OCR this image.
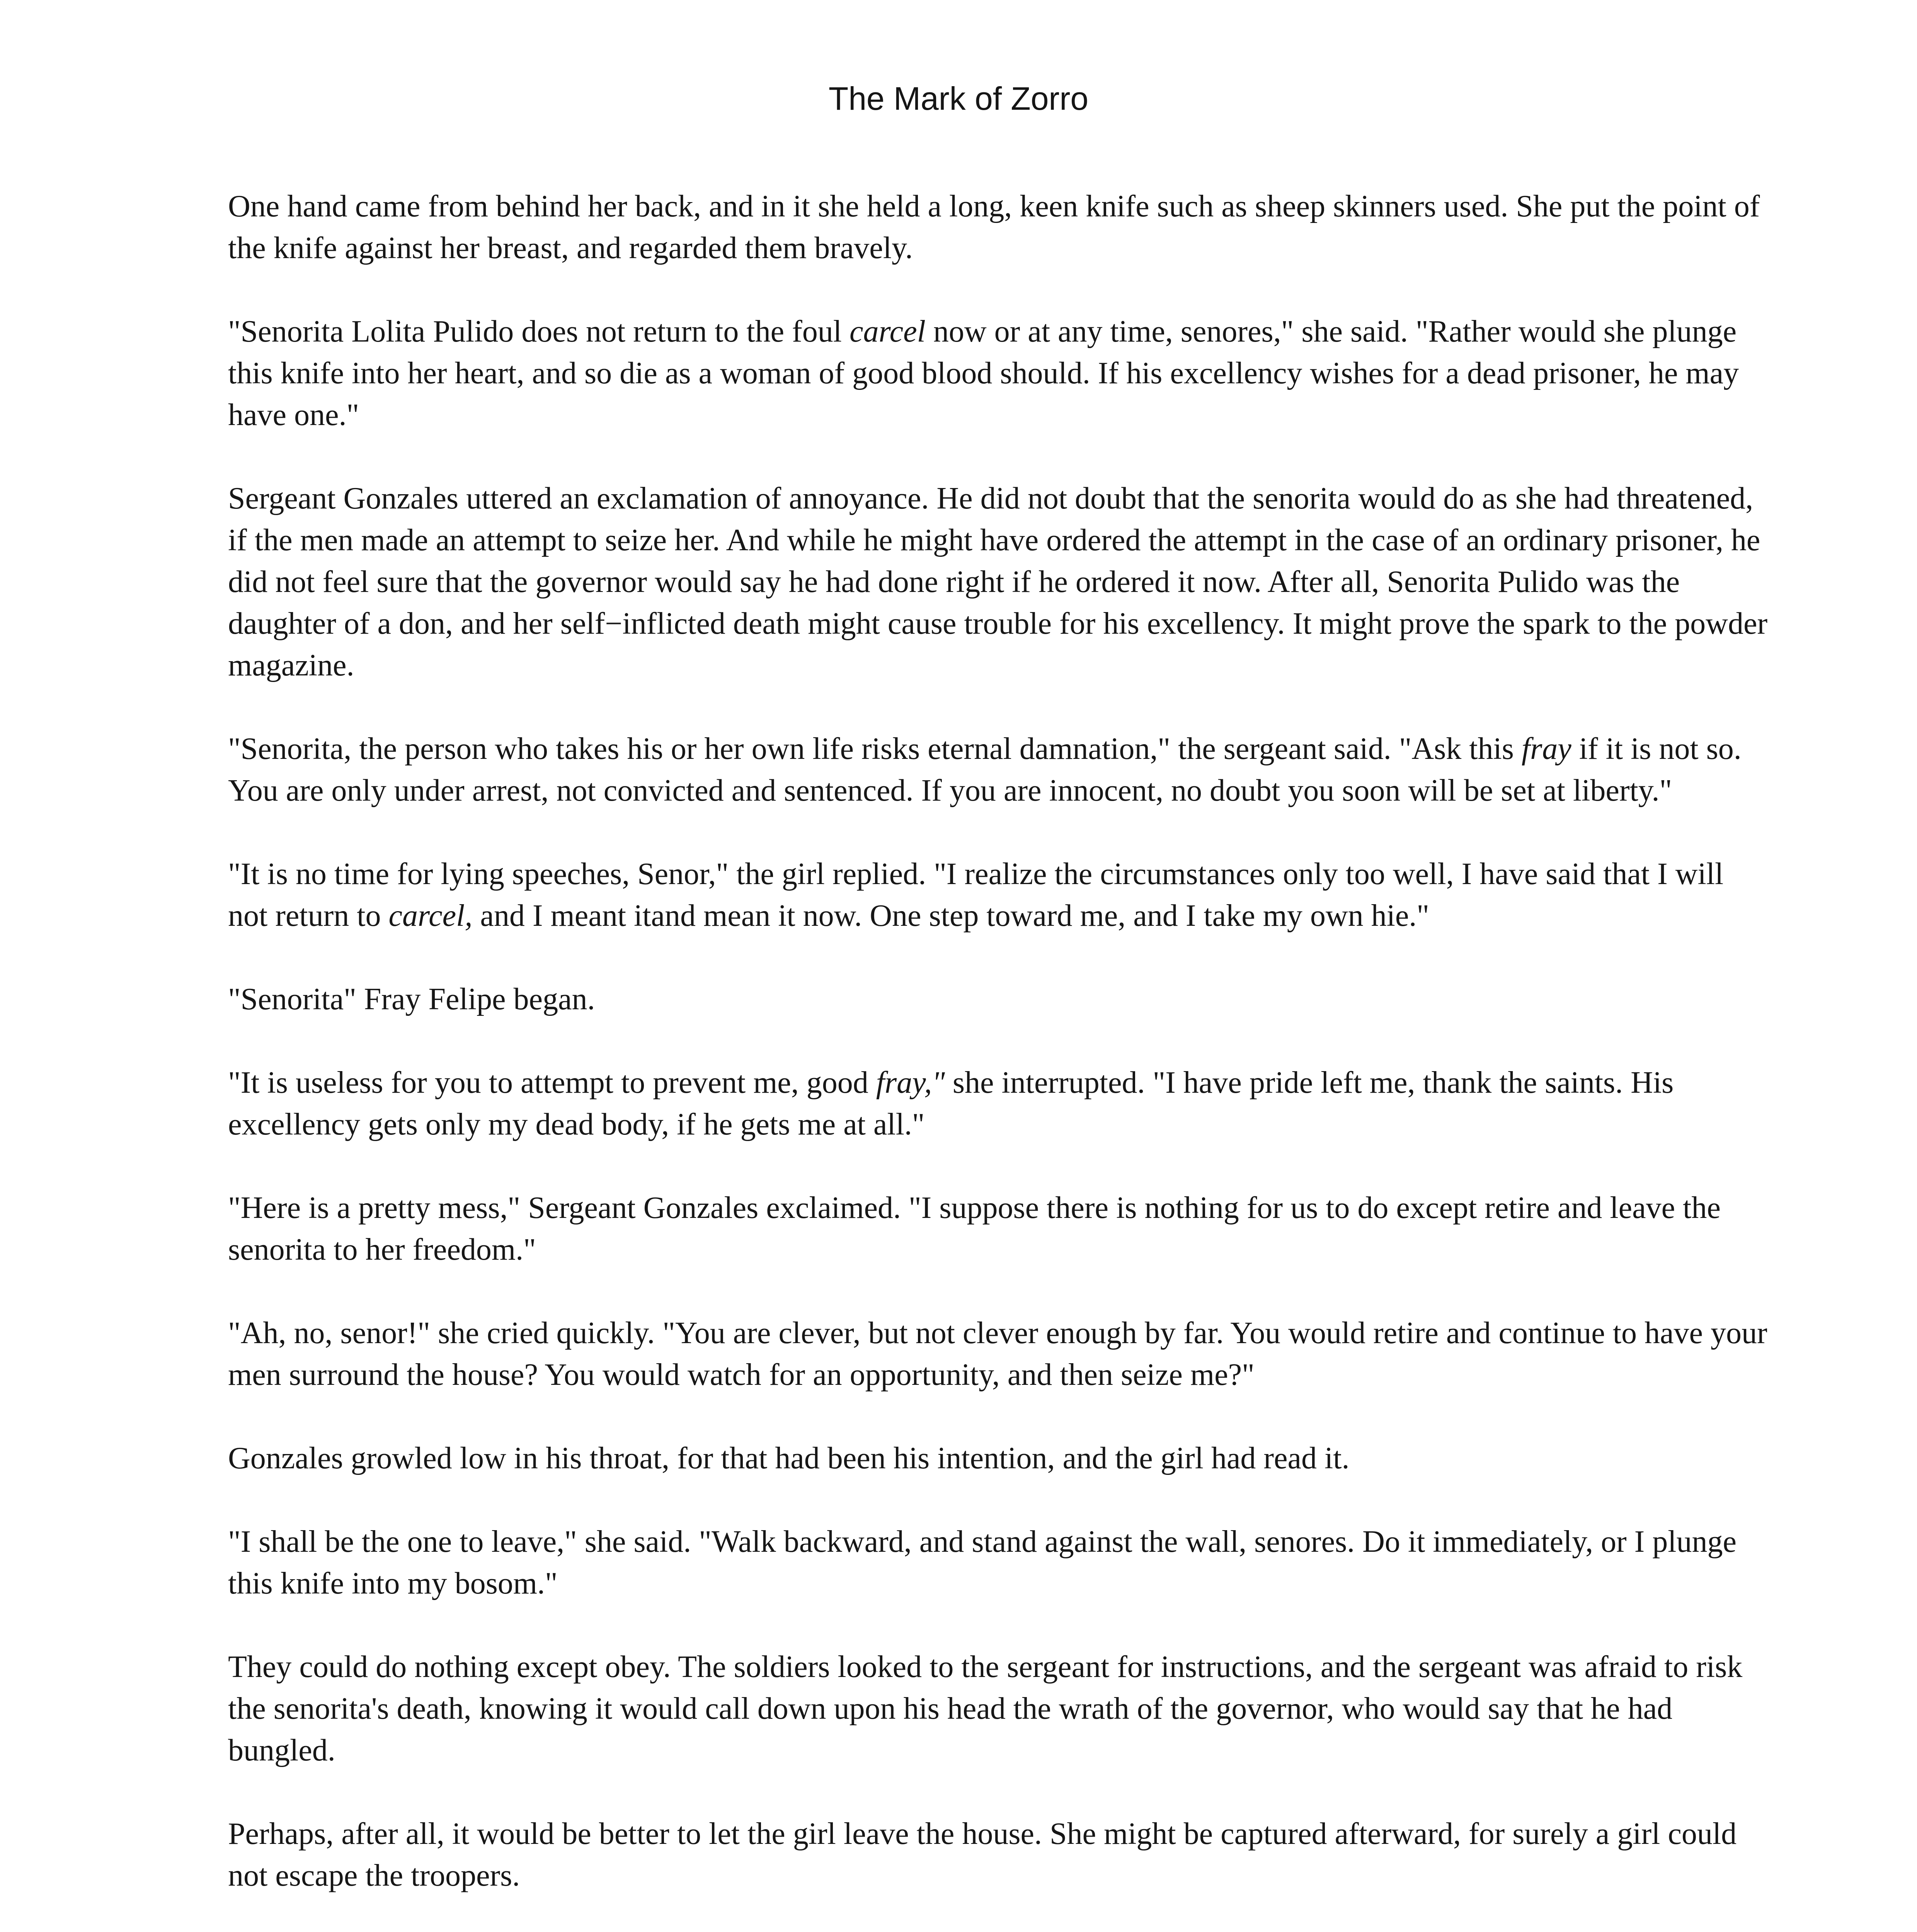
The Mark of Zorro

One hand came from behind her back, and in it she held a long, keen knife such as sheep skinners used. She put the point of the knife against her breast, and regarded them bravely.

"Senorita Lolita Pulido does not return to the foul carcel now or at any time, senores," she said. "Rather would she plunge this knife into her heart, and so die as a woman of good blood should. If his excellency wishes for a dead prisoner, he may have one."

Sergeant Gonzales uttered an exclamation of annoyance. He did not doubt that the senorita would do as she had threatened, if the men made an attempt to seize her. And while he might have ordered the attempt in the case of an ordinary prisoner, he did not feel sure that the governor would say he had done right if he ordered it now. After all, Senorita Pulido was the daughter of a don, and her self−inflicted death might cause trouble for his excellency. It might prove the spark to the powder magazine.

"Senorita, the person who takes his or her own life risks eternal damnation," the sergeant said. "Ask this fray if it is not so. You are only under arrest, not convicted and sentenced. If you are innocent, no doubt you soon will be set at liberty."

"It is no time for lying speeches, Senor," the girl replied. "I realize the circumstances only too well, I have said that I will not return to carcel, and I meant itand mean it now. One step toward me, and I take my own hie."

"Senorita" Fray Felipe began.

"It is useless for you to attempt to prevent me, good fray," she interrupted. "I have pride left me, thank the saints. His excellency gets only my dead body, if he gets me at all."

"Here is a pretty mess," Sergeant Gonzales exclaimed. "I suppose there is nothing for us to do except retire and leave the senorita to her freedom."

"Ah, no, senor!" she cried quickly. "You are clever, but not clever enough by far. You would retire and continue to have your men surround the house? You would watch for an opportunity, and then seize me?"

Gonzales growled low in his throat, for that had been his intention, and the girl had read it.

"I shall be the one to leave," she said. "Walk backward, and stand against the wall, senores. Do it immediately, or I plunge this knife into my bosom."

They could do nothing except obey. The soldiers looked to the sergeant for instructions, and the sergeant was afraid to risk the senorita's death, knowing it would call down upon his head the wrath of the governor, who would say that he had bungled.

Perhaps, after all, it would be better to let the girl leave the house. She might be captured afterward, for surely a girl could not escape the troopers.
